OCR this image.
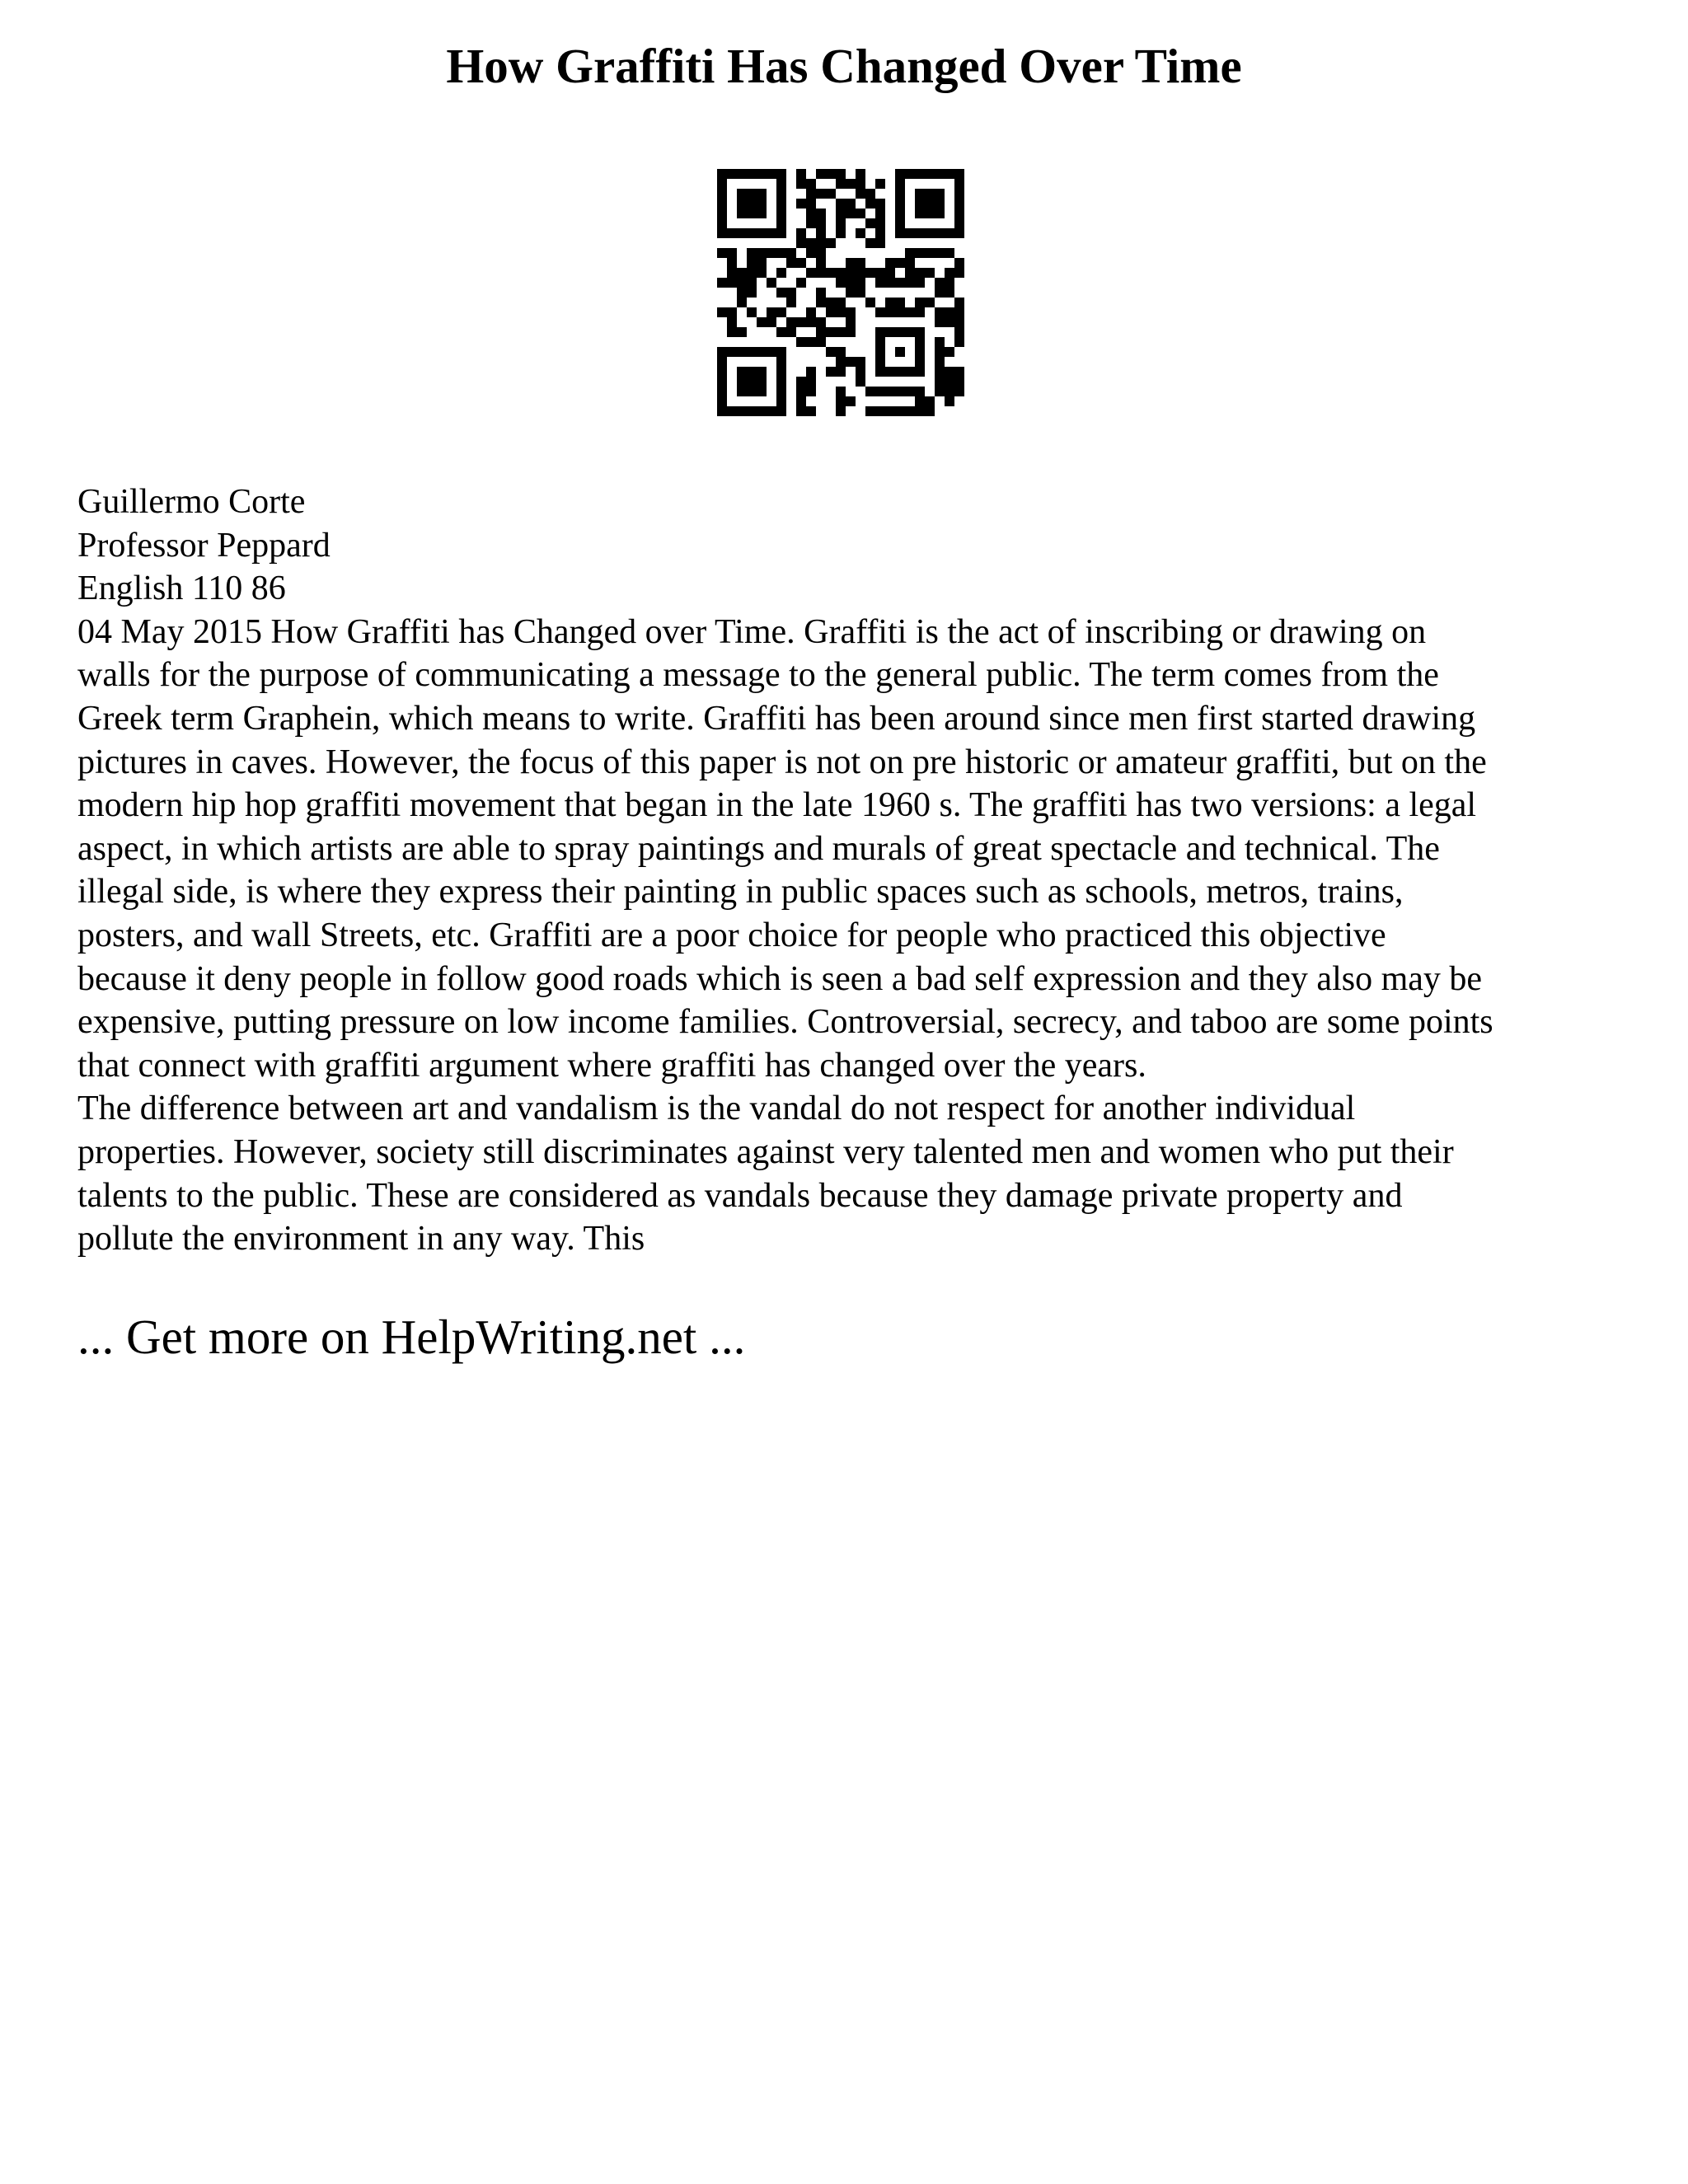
How Graffiti Has Changed Over Time
Guillermo Corte
Professor Peppard
English 110 86
04 May 2015 How Graffiti has Changed over Time. Graffiti is the act of inscribing or drawing on
walls for the purpose of communicating a message to the general public. The term comes from the
Greek term Graphein, which means to write. Graffiti has been around since men first started drawing
pictures in caves. However, the focus of this paper is not on pre historic or amateur graffiti, but on the
modern hip hop graffiti movement that began in the late 1960 s. The graffiti has two versions: a legal
aspect, in which artists are able to spray paintings and murals of great spectacle and technical. The
illegal side, is where they express their painting in public spaces such as schools, metros, trains,
posters, and wall Streets, etc. Graffiti are a poor choice for people who practiced this objective
because it deny people in follow good roads which is seen a bad self expression and they also may be
expensive, putting pressure on low income families. Controversial, secrecy, and taboo are some points
that connect with graffiti argument where graffiti has changed over the years.
The difference between art and vandalism is the vandal do not respect for another individual
properties. However, society still discriminates against very talented men and women who put their
talents to the public. These are considered as vandals because they damage private property and
pollute the environment in any way. This
... Get more on HelpWriting.net ...
